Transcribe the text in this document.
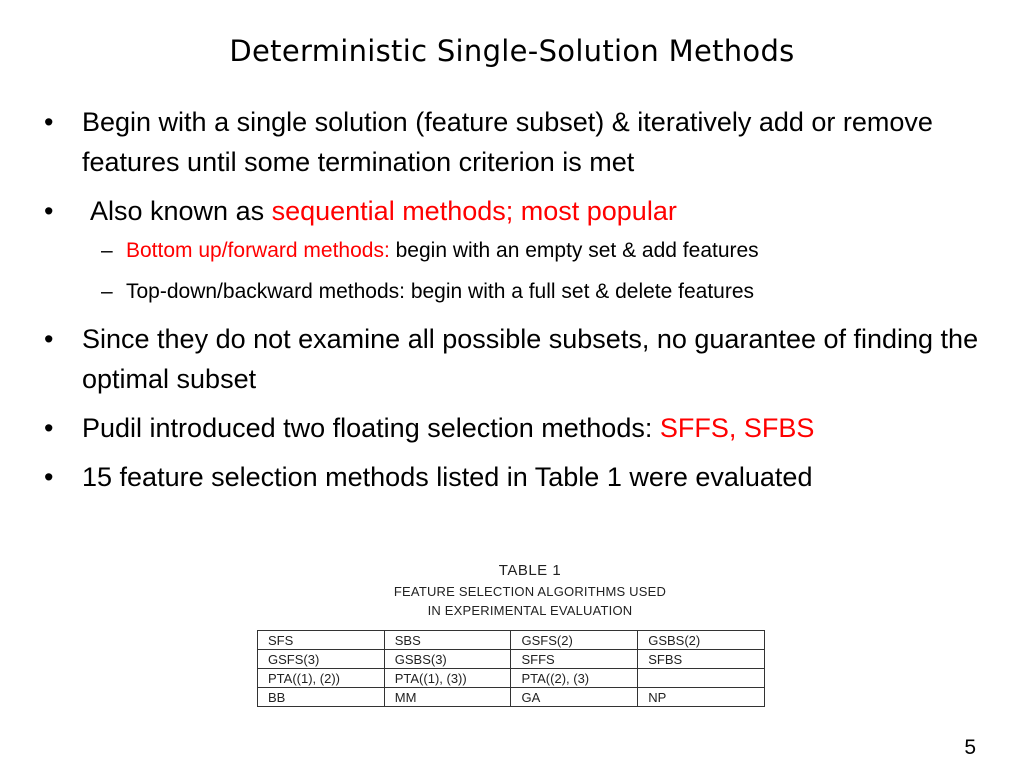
Deterministic Single-Solution Methods
• Begin with a single solution (feature subset) & iteratively add or remove features until some termination criterion is met
• Also known as sequential methods; most popular
– Bottom up/forward methods: begin with an empty set & add features
– Top-down/backward methods: begin with a full set & delete features
• Since they do not examine all possible subsets, no guarantee of finding the optimal subset
• Pudil introduced two floating selection methods: SFFS, SFBS
• 15 feature selection methods listed in Table 1 were evaluated
TABLE 1
FEATURE SELECTION ALGORITHMS USED
IN EXPERIMENTAL EVALUATION
SFS	SBS	GSFS(2)	GSBS(2)
GSFS(3)	GSBS(3)	SFFS	SFBS
PTA((1), (2))	PTA((1), (3))	PTA((2), (3)	
BB	MM	GA	NP
5
